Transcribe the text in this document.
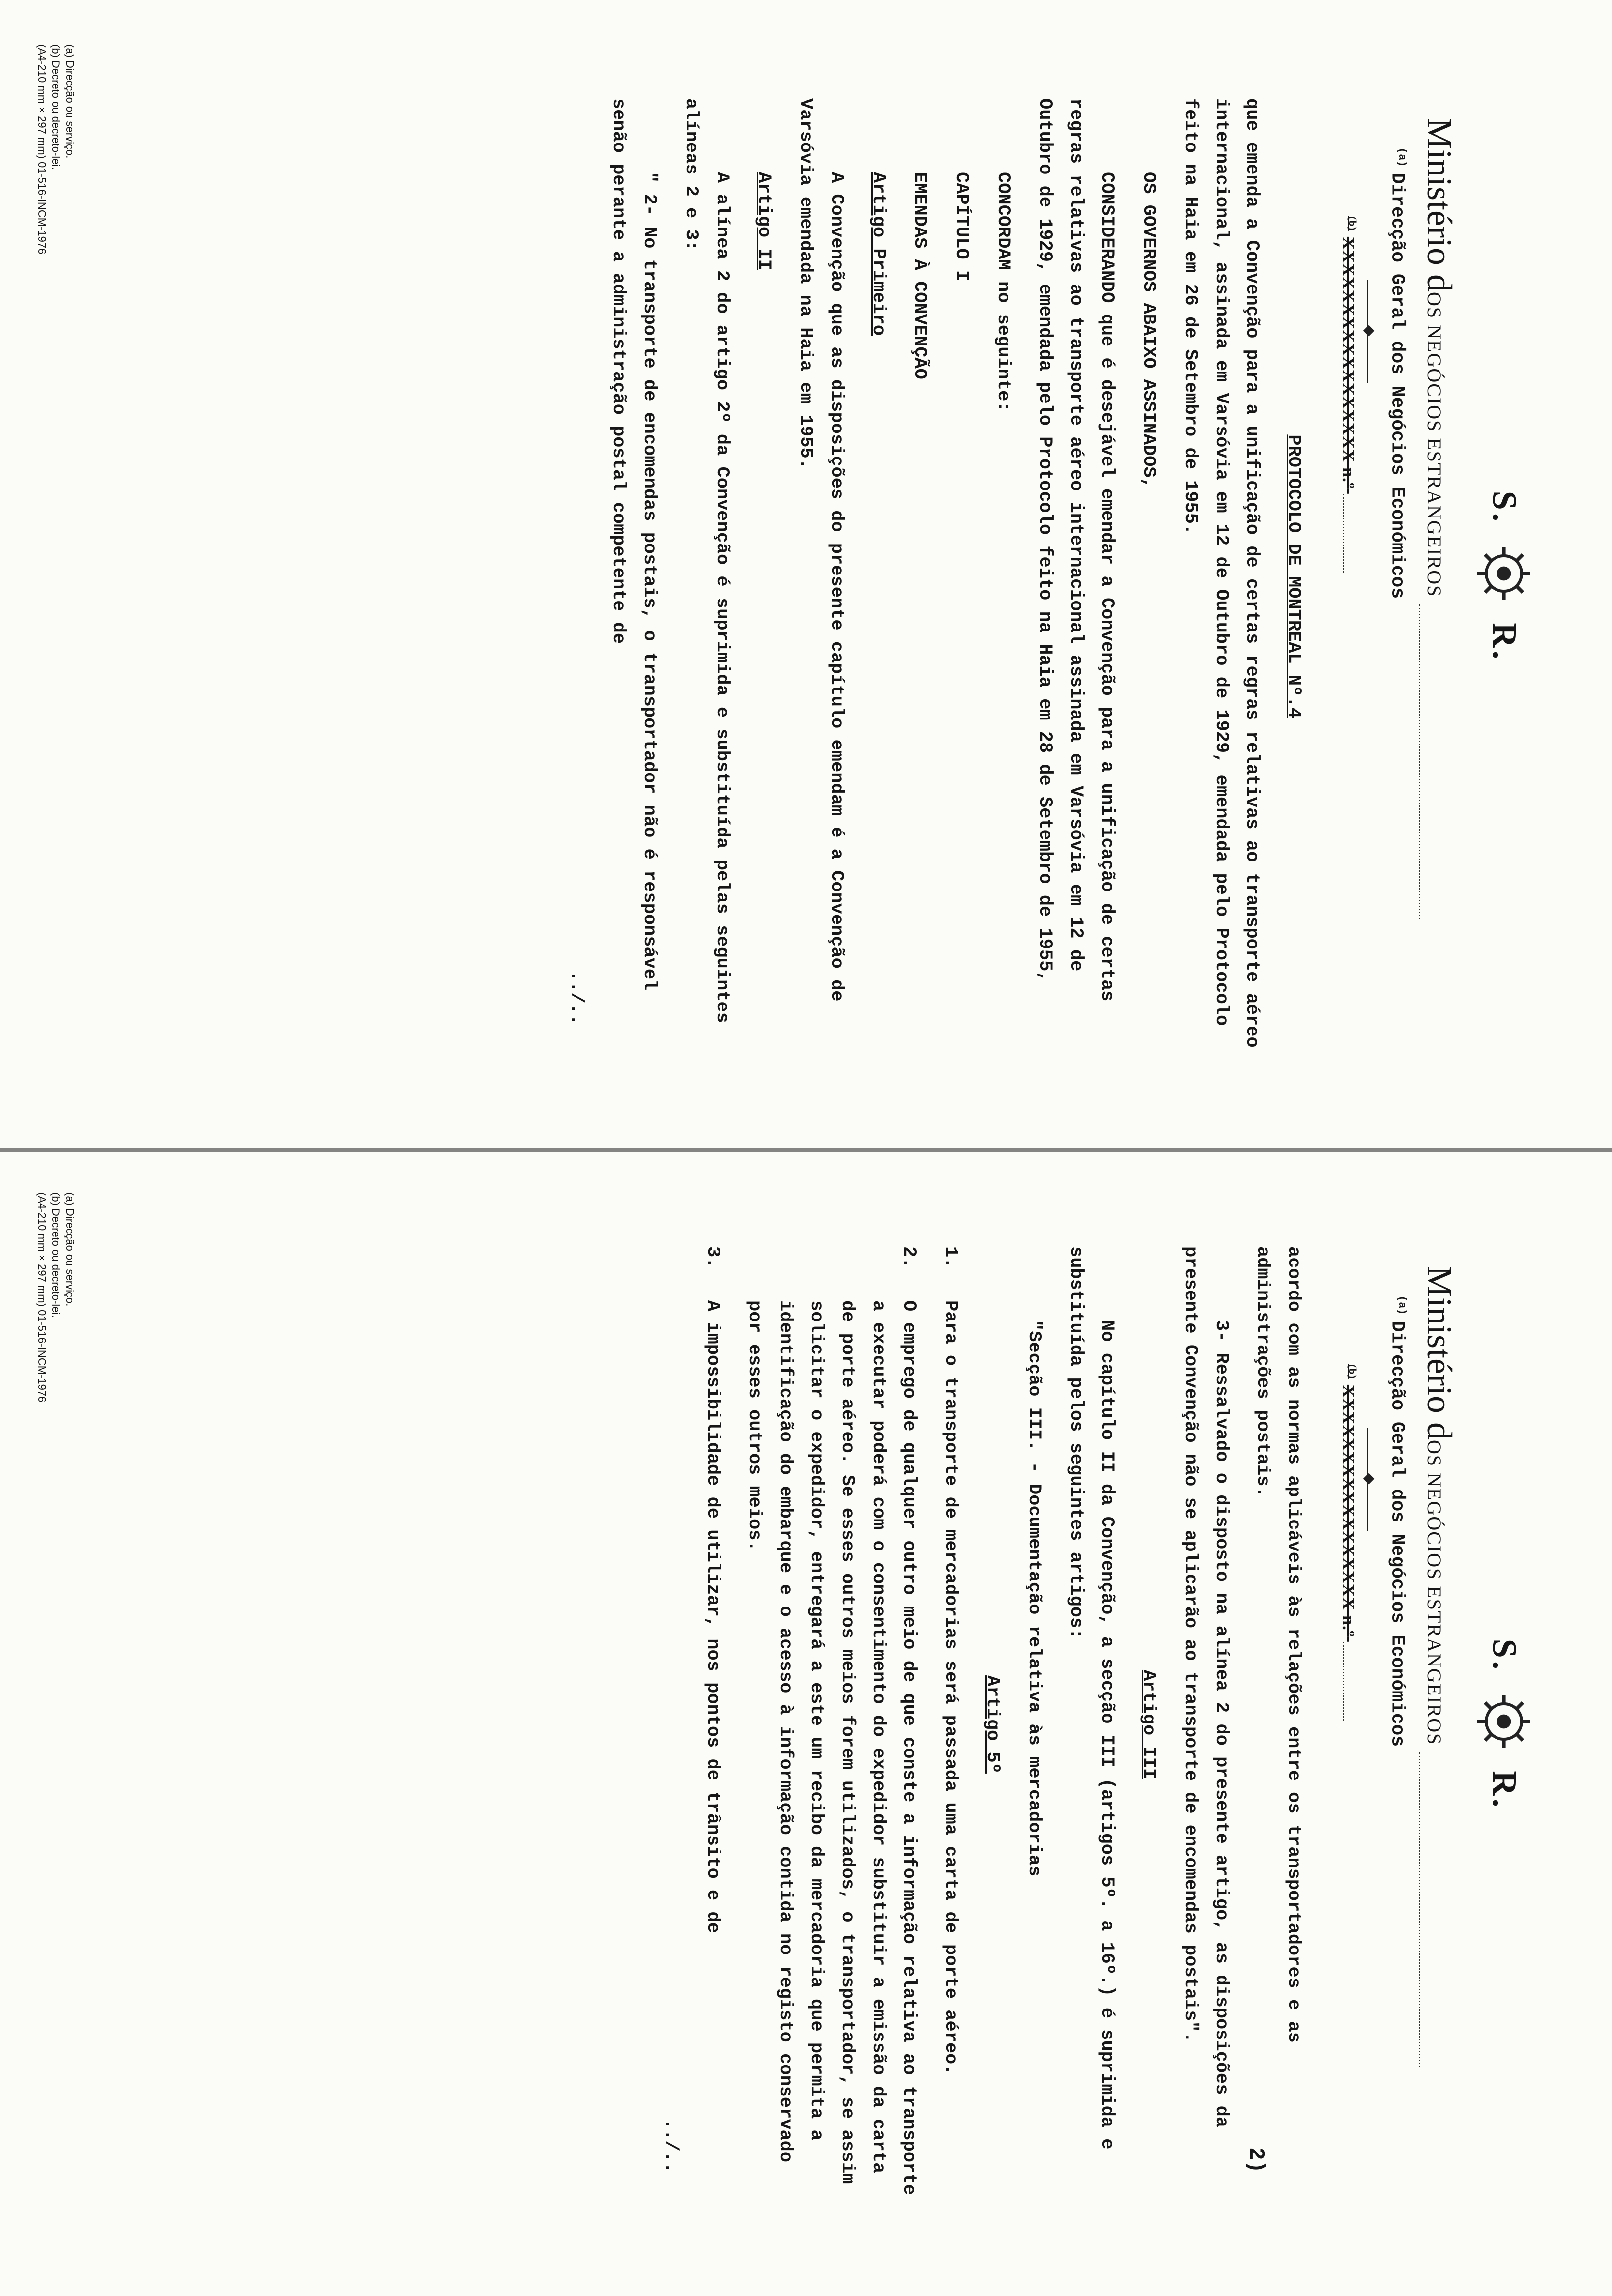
S.
R.
Ministério dOS NEGÓCIOS ESTRANGEIROS
$^{(a)}$Direcção Geral dos Negócios Económicos
$^{(b)}$XXXXXXXXXXXXXXXXX n.º

PROTOCOLO DE MONTREAL Nº.4

que emenda a Convenção para a unificação de certas regras relativas ao transporte aéreo internacional, assinada em Varsóvia em 12 de Outubro de 1929, emendada pelo Protocolo feito na Haia em 26 de Setembro de 1955.

OS GOVERNOS ABAIXO ASSINADOS,

CONSIDERANDO que é desejável emendar a Convenção para a unificação de certas regras relativas ao transporte aéreo internacional assinada em Varsóvia em 12 de Outubro de 1929, emendada pelo Protocolo feito na Haia em 28 de Setembro de 1955,

CONCORDAM no seguinte:

CAPÍTULO I

EMENDAS À CONVENÇÃO

Artigo Primeiro

A Convenção que as disposições do presente capítulo emendam é a Convenção de Varsóvia emendada na Haia em 1955.

Artigo II

A alínea 2 do artigo 2º da Convenção é suprimida e substituída pelas seguintes alíneas 2 e 3:

" 2- No transporte de encomendas postais, o transportador não é responsável senão perante a administração postal competente de

../..

(a) Direcção ou serviço.
(b) Decreto ou decreto-lei.
(A4-210 mm × 297 mm) 01-516-INCM-1976
S.
R.
2)
Ministério dOS NEGÓCIOS ESTRANGEIROS
$^{(a)}$Direcção Geral dos Negócios Económicos
$^{(b)}$XXXXXXXXXXXXXXXXX n.º

acordo com as normas aplicáveis às relações entre os transportadores e as administrações postais.

3- Ressalvado o disposto na alínea 2 do presente artigo, as disposições da presente Convenção não se aplicarão ao transporte de encomendas postais".

Artigo III

No capítulo II da Convenção, a secção III (artigos 5º. a 16º.) é suprimida e substituída pelos seguintes artigos:

"Secção III. - Documentação relativa às mercadorias

Artigo 5º

1.
Para o transporte de mercadorias será passada uma carta de porte aéreo.
2.
O emprego de qualquer outro meio de que conste a informação relativa ao transporte a executar poderá com o consentimento do expedidor substituir a emissão da carta de porte aéreo. Se esses outros meios forem utilizados, o transportador, se assim solicitar o expedidor, entregará a este um recibo da mercadoria que permita a identificação do embarque e o acesso à informação contida no registo conservado por esses outros meios.
3.
A impossibilidade de utilizar, nos pontos de trânsito e de

../..

(a) Direcção ou serviço.
(b) Decreto ou decreto-lei.
(A4-210 mm × 297 mm) 01-516-INCM-1976
